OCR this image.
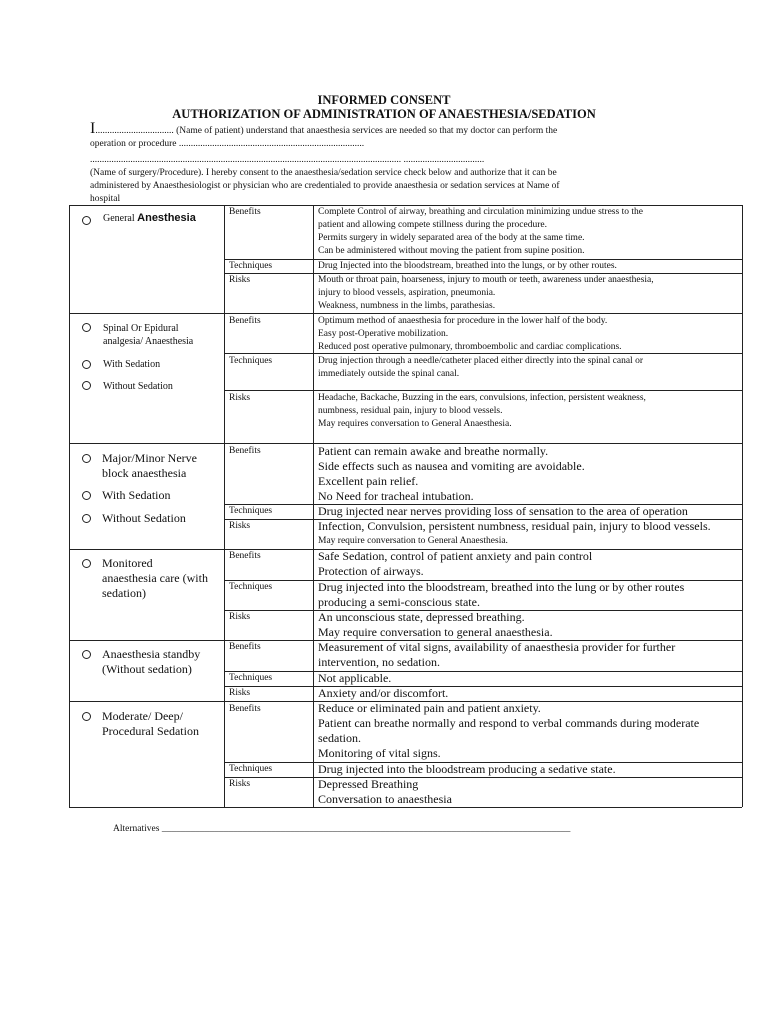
INFORMED CONSENT
AUTHORIZATION OF ADMINISTRATION OF ANAESTHESIA/SEDATION
I................................. (Name of patient) understand that anaesthesia services are needed so that my doctor can perform the
operation or procedure ..............................................................................
................................................................................................................................... ..................................
(Name of surgery/Procedure). I hereby consent to the anaesthesia/sedation service check below and authorize that it can be
administered by Anaesthesiologist or physician who are credentialed to provide anaesthesia or sedation services at Name of
hospital
General Anesthesia	Benefits	Complete Control of airway, breathing and circulation minimizing undue stress to the
patient and allowing compete stillness during the procedure.
Permits surgery in widely separated area of the body at the same time.
Can be administered without moving the patient from supine position.
Techniques	Drug Injected into the bloodstream, breathed into the lungs, or by other routes.
Risks	Mouth or throat pain, hoarseness, injury to mouth or teeth, awareness under anaesthesia,
injury to blood vessels, aspiration, pneumonia.
Weakness, numbness in the limbs, parathesias.
Spinal Or Epidural
analgesia/ Anaesthesia
With Sedation
Without Sedation
Benefits	Optimum method of anaesthesia for procedure in the lower half of the body.
Easy post-Operative mobilization.
Reduced post operative pulmonary, thromboembolic and cardiac complications.
Techniques	Drug injection through a needle/catheter placed either directly into the spinal canal or
immediately outside the spinal canal.
Risks	Headache, Backache, Buzzing in the ears, convulsions, infection, persistent weakness,
numbness, residual pain, injury to blood vessels.
May requires conversation to General Anaesthesia.
Major/Minor Nerve
block anaesthesia
With Sedation
Without Sedation
Benefits	Patient can remain awake and breathe normally.
Side effects such as nausea and vomiting are avoidable.
Excellent pain relief.
No Need for tracheal intubation.
Techniques	Drug injected near nerves providing loss of sensation to the area of operation
Risks	Infection, Convulsion, persistent numbness, residual pain, injury to blood vessels.
May require conversation to General Anaesthesia.
Monitored
anaesthesia care (with
sedation)
Benefits	Safe Sedation, control of patient anxiety and pain control
Protection of airways.
Techniques	Drug injected into the bloodstream, breathed into the lung or by other routes
producing a semi-conscious state.
Risks	An unconscious state, depressed breathing.
May require conversation to general anaesthesia.
Anaesthesia standby
(Without sedation)
Benefits	Measurement of vital signs, availability of anaesthesia provider for further
intervention, no sedation.
Techniques	Not applicable.
Risks	Anxiety and/or discomfort.
Moderate/ Deep/
Procedural Sedation
Benefits	Reduce or eliminated pain and patient anxiety.
Patient can breathe normally and respond to verbal commands during moderate
sedation.
Monitoring of vital signs.
Techniques	Drug injected into the bloodstream producing a sedative state.
Risks	Depressed Breathing
Conversation to anaesthesia
Alternatives ______________________________________________________________________________________
